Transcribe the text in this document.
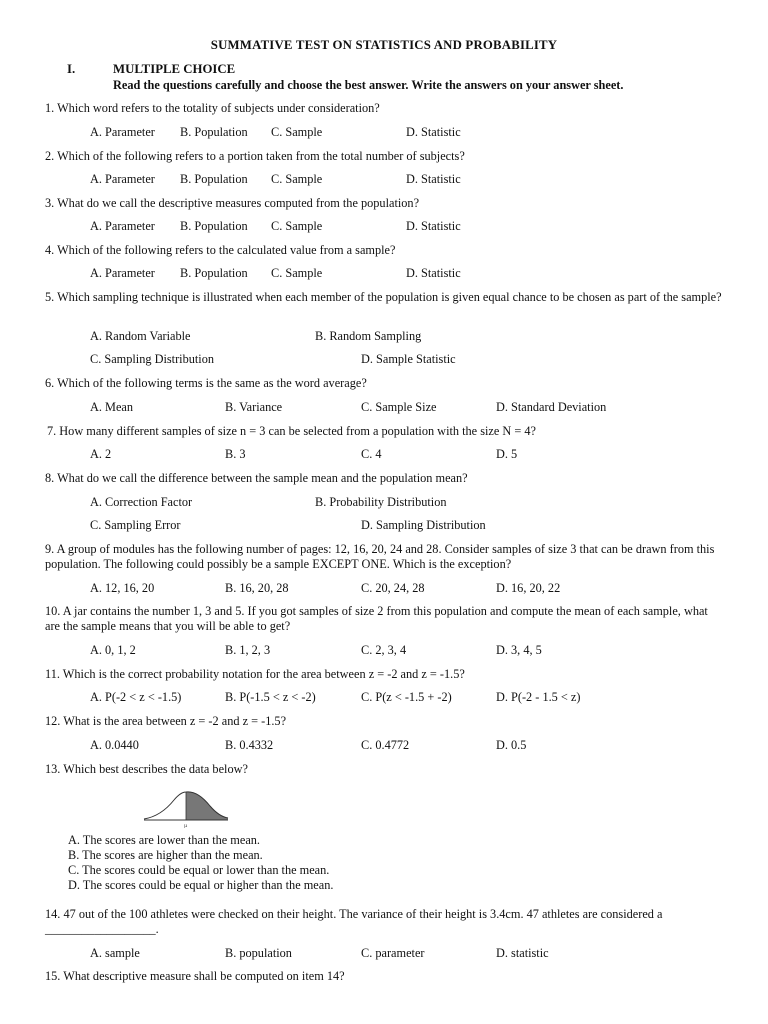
SUMMATIVE TEST ON STATISTICS AND PROBABILITY
I.	MULTIPLE CHOICE
Read the questions carefully and choose the best answer. Write the answers on your answer sheet.
1. Which word refers to the totality of subjects under consideration?
A. Parameter B. Population C. Sample	D. Statistic
2. Which of the following refers to a portion taken from the total number of subjects?
A. Parameter B. Population C. Sample	D. Statistic
3. What do we call the descriptive measures computed from the population?
A. Parameter B. Population C. Sample	D. Statistic
4. Which of the following refers to the calculated value from a sample?
A. Parameter B. Population C. Sample	D. Statistic
5. Which sampling technique is illustrated when each member of the population is given equal chance to be chosen as part of the sample?
A. Random Variable	B. Random Sampling
C. Sampling Distribution	D. Sample Statistic
6. Which of the following terms is the same as the word average?
A. Mean	B. Variance	C. Sample Size	D. Standard Deviation
7. How many different samples of size n = 3 can be selected from a population with the size N = 4?
A. 2	B. 3	C. 4	D. 5
8. What do we call the difference between the sample mean and the population mean?
A. Correction Factor	B. Probability Distribution
C. Sampling Error	D. Sampling Distribution
9. A group of modules has the following number of pages: 12, 16, 20, 24 and 28. Consider samples of size 3 that can be drawn from this population. The following could possibly be a sample EXCEPT ONE. Which is the exception?
A. 12, 16, 20	B. 16, 20, 28	C. 20, 24, 28	D. 16, 20, 22
10. A jar contains the number 1, 3 and 5. If you got samples of size 2 from this population and compute the mean of each sample, what are the sample means that you will be able to get?
A. 0, 1, 2	B. 1, 2, 3	C. 2, 3, 4	D. 3, 4, 5
11. Which is the correct probability notation for the area between z = -2 and z = -1.5?
A. P(-2 < z < -1.5)	B. P(-1.5 < z < -2)	C. P(z < -1.5 + -2)	D. P(-2 - 1.5 < z)
12. What is the area between z = -2 and z = -1.5?
A. 0.0440	B. 0.4332	C. 0.4772	D. 0.5
13. Which best describes the data below?
μ
A. The scores are lower than the mean.
B. The scores are higher than the mean.
C. The scores could be equal or lower than the mean.
D. The scores could be equal or higher than the mean.
14. 47 out of the 100 athletes were checked on their height. The variance of their height is 3.4cm. 47 athletes are considered a __________________.
A. sample	B. population	C. parameter	D. statistic
15. What descriptive measure shall be computed on item 14?
